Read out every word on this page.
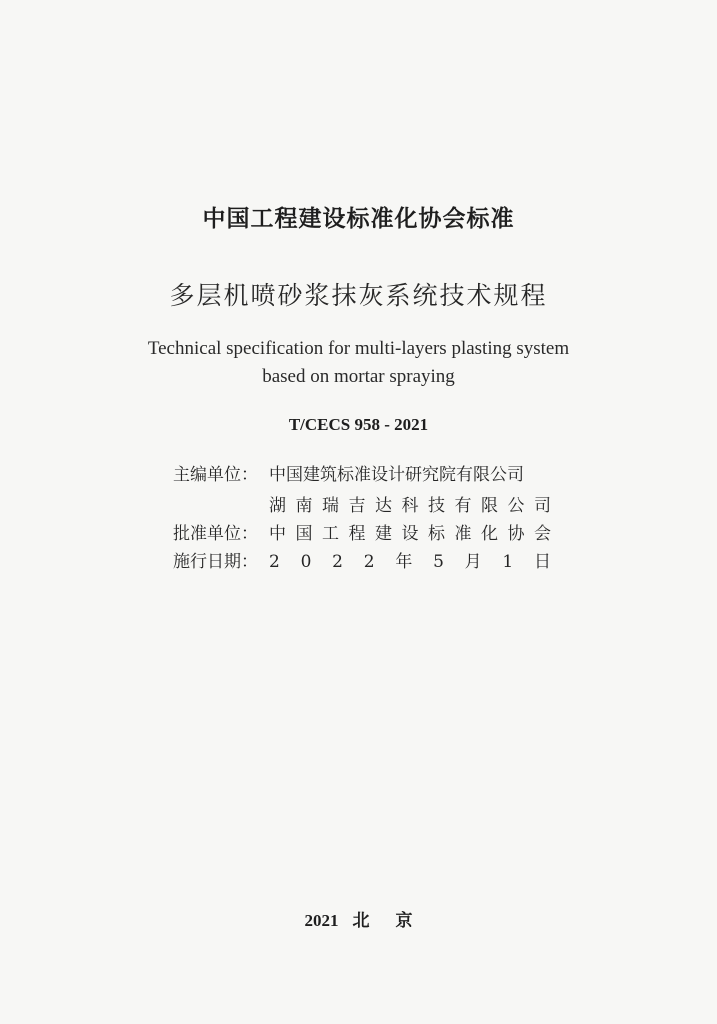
中国工程建设标准化协会标准
多层机喷砂浆抹灰系统技术规程
Technical specification for multi-layers plasting system
based on mortar spraying
T/CECS 958 - 2021
主编单位： 中国建筑标准设计研究院有限公司
湖 南 瑞 吉 达 科 技 有 限 公 司
批准单位： 中 国 工 程 建 设 标 准 化 协 会
施行日期： 2 0 2 2 年 5 月 1 日
2021 北 京
